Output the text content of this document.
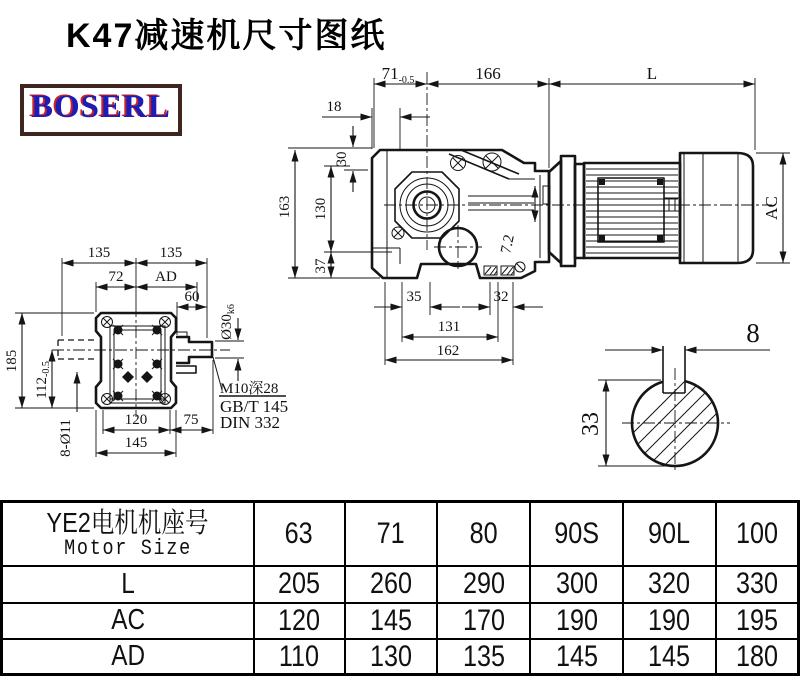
K47减速机尺寸图纸
BOSERL
$71_{-0.5}$	166	L
18
30
163 130
37
AC
7.2
35	32
131
162
135	135
72 AD
60
$Ø30_{k6}$
185
$112_{-0.5}$
8-Ø11	120 75
145
M10深28
GB/T 145
DIN 332
8
33
YE2电机机座号
Motor Size	63	71	80	90S	90L	100
L	205	260	290	300	320	330
AC	120	145	170	190	190	195
AD	110	130	135	145	145	180
